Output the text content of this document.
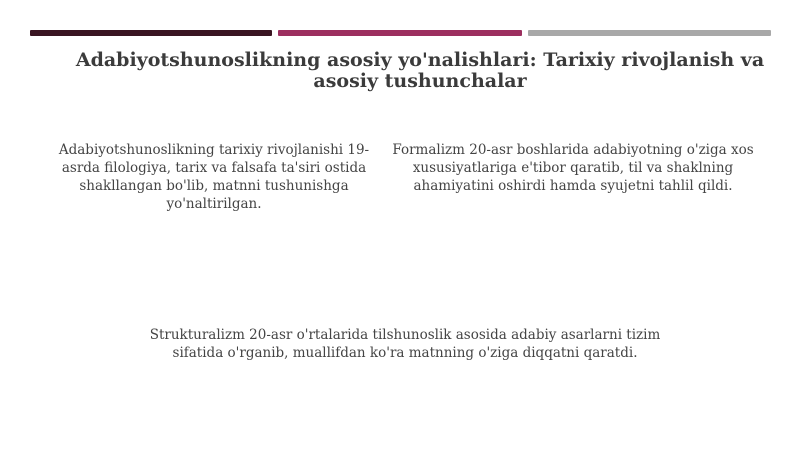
Adabiyotshunoslikning asosiy yo'nalishlari: Tarixiy rivojlanish va asosiy tushunchalar
Adabiyotshunoslikning tarixiy rivojlanishi 19-asrda filologiya, tarix va falsafa ta'siri ostida shakllangan bo'lib, matnni tushunishga yo'naltirilgan.
Formalizm 20-asr boshlarida adabiyotning o'ziga xos xususiyatlariga e'tibor qaratib, til va shaklning ahamiyatini oshirdi hamda syujetni tahlil qildi.
Strukturalizm 20-asr o'rtalarida tilshunoslik asosida adabiy asarlarni tizim sifatida o'rganib, muallifdan ko'ra matnning o'ziga diqqatni qaratdi.
